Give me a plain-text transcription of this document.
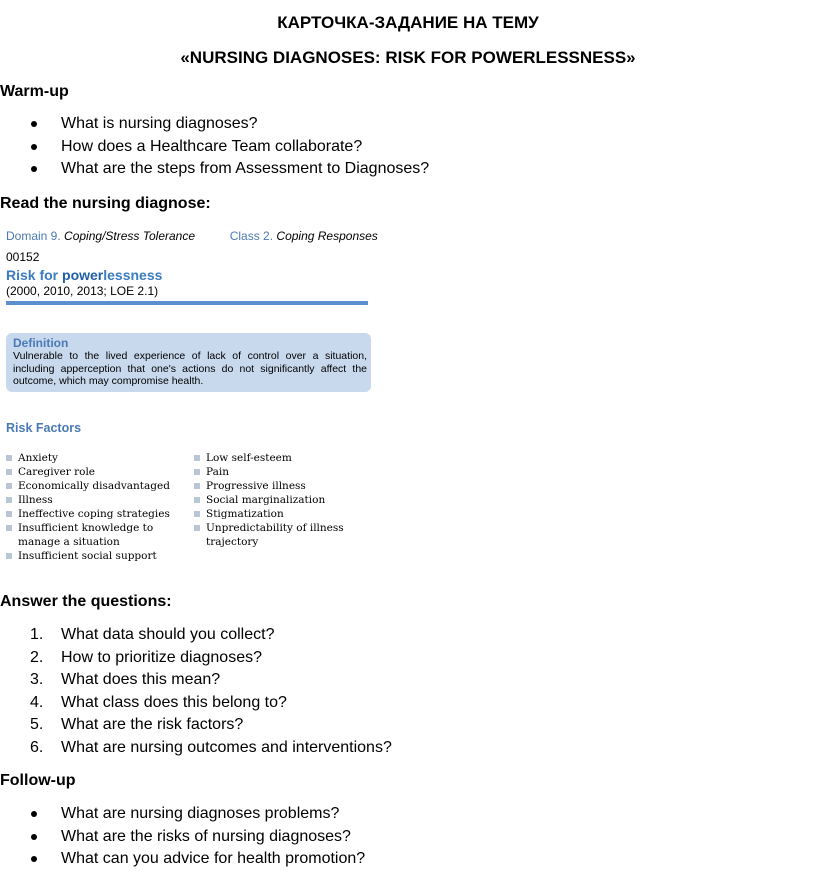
КАРТОЧКА-ЗАДАНИЕ НА ТЕМУ
«NURSING DIAGNOSES: RISK FOR POWERLESSNESS»
Warm-up
What is nursing diagnoses?
How does a Healthcare Team collaborate?
What are the steps from Assessment to Diagnoses?
Read the nursing diagnose:
Domain 9. Coping/Stress Tolerance	Class 2. Coping Responses
00152
Risk for powerlessness
(2000, 2010, 2013; LOE 2.1)
Definition
Vulnerable to the lived experience of lack of control over a situation, including apperception that one's actions do not significantly affect the outcome, which may compromise health.
Risk Factors
Anxiety
Caregiver role
Economically disadvantaged
Illness
Ineffective coping strategies
Insufficient knowledge to manage a situation
Insufficient social support
Low self-esteem
Pain
Progressive illness
Social marginalization
Stigmatization
Unpredictability of illness trajectory
Answer the questions:
1.	What data should you collect?
2.	How to prioritize diagnoses?
3.	What does this mean?
4.	What class does this belong to?
5.	What are the risk factors?
6.	What are nursing outcomes and interventions?
Follow-up
What are nursing diagnoses problems?
What are the risks of nursing diagnoses?
What can you advice for health promotion?
